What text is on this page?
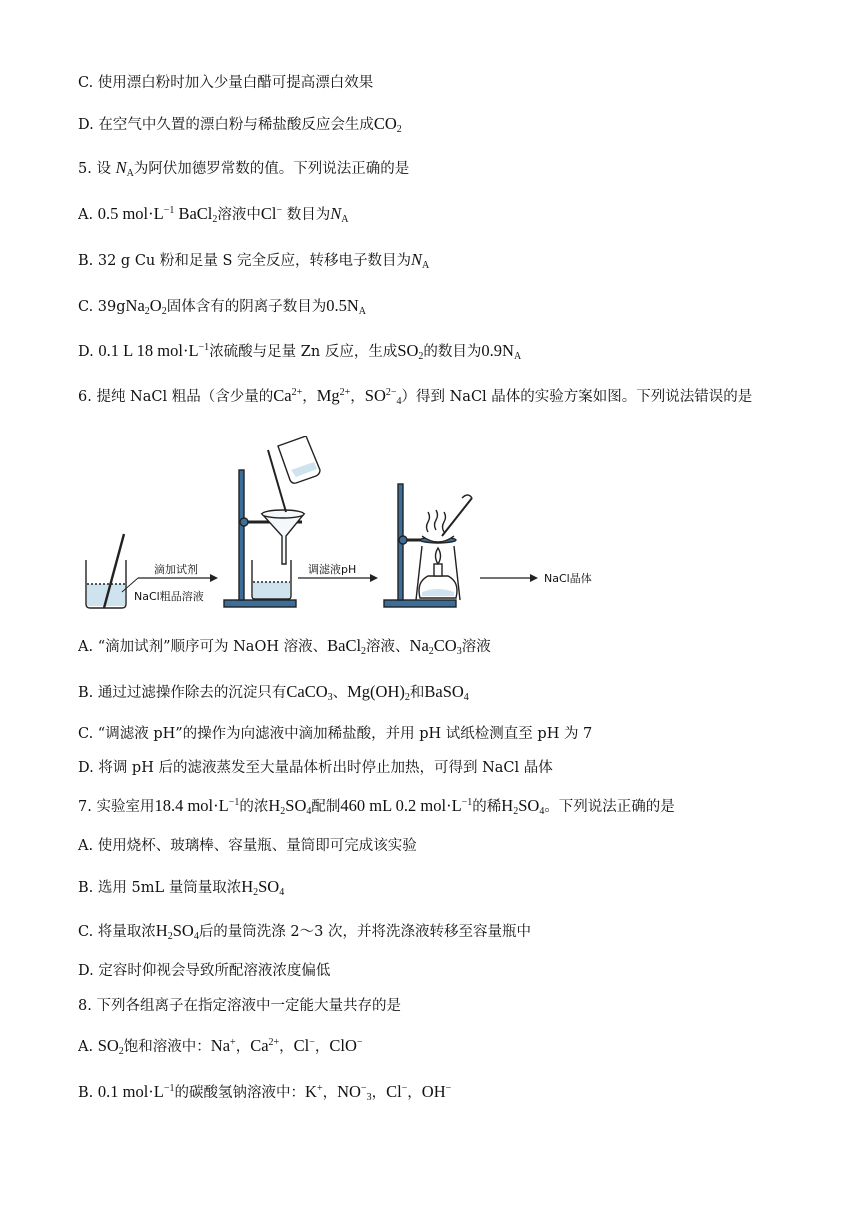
C. 使用漂白粉时加入少量白醋可提高漂白效果
D. 在空气中久置的漂白粉与稀盐酸反应会生成$CO_2$
5. 设 $N_A$为阿伏加德罗常数的值。下列说法正确的是
A. 0.5 $mol\cdot L^{-1}$ BaCl$_2$溶液中Cl− 数目为$N_A$
B. 32 g Cu 粉和足量 S 完全反应，转移电子数目为$N_A$
C. $39gNa_2O_2$固体含有的阴离子数目为$0.5N_A$
D. 0.1 L 18 $mol\cdot L^{-1}$浓硫酸与足量 Zn 反应，生成$SO_2$的数目为$0.9N_A$
6. 提纯 NaCl 粗品（含少量的$Ca^{2+}$，$Mg^{2+}$，$SO^{2-}_4$）得到 NaCl 晶体的实验方案如图。下列说法错误的是
滴加试剂
NaCl粗品溶液
调滤液pH
NaCl晶体
A. “滴加试剂”顺序可为 NaOH 溶液、BaCl$_2$溶液、$Na_2CO_3$溶液
B. 通过过滤操作除去的沉淀只有CaCO$_3$、$Mg(OH)_2$和BaSO$_4$
C. “调滤液 pH”的操作为向滤液中滴加稀盐酸，并用 pH 试纸检测直至 pH 为 7
D. 将调 pH 后的滤液蒸发至大量晶体析出时停止加热，可得到 NaCl 晶体
7. 实验室用18.4 $mol\cdot L^{-1}$的浓$H_2SO_4$配制460 mL 0.2 $mol\cdot L^{-1}$的稀$H_2SO_4$。下列说法正确的是
A. 使用烧杯、玻璃棒、容量瓶、量筒即可完成该实验
B. 选用 5mL 量筒量取浓$H_2SO_4$
C. 将量取浓$H_2SO_4$后的量筒洗涤 2～3 次，并将洗涤液转移至容量瓶中
D. 定容时仰视会导致所配溶液浓度偏低
8. 下列各组离子在指定溶液中一定能大量共存的是
A. $SO_2$饱和溶液中：Na+，$Ca^{2+}$，Cl−，ClO−
B. 0.1 $mol\cdot L^{-1}$的碳酸氢钠溶液中：K+，$NO^-_3$，Cl−，OH−
